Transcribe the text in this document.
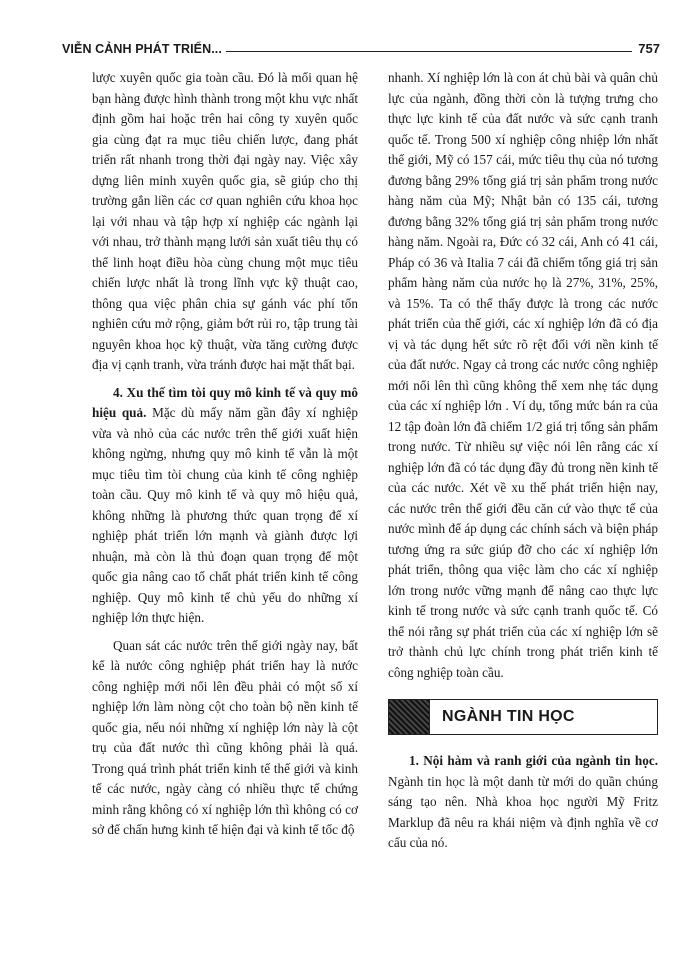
VIỄN CẢNH PHÁT TRIỂN...	757

lược xuyên quốc gia toàn cầu. Đó là mối quan hệ bạn hàng được hình thành trong một khu vực nhất định gồm hai hoặc trên hai công ty xuyên quốc gia cùng đạt ra mục tiêu chiến lược, đang phát triển rất nhanh trong thời đại ngày nay. Việc xây dựng liên minh xuyên quốc gia, sẽ giúp cho thị trường gắn liền các cơ quan nghiên cứu khoa học lại với nhau và tập hợp xí nghiệp các ngành lại với nhau, trở thành mạng lưới sản xuất tiêu thụ có thể linh hoạt điều hòa cùng chung một mục tiêu chiến lược nhất là trong lĩnh vực kỹ thuật cao, thông qua việc phân chia sự gánh vác phí tổn nghiên cứu mở rộng, giảm bớt rủi ro, tập trung tài nguyên khoa học kỹ thuật, vừa tăng cường được địa vị cạnh tranh, vừa tránh được hai mặt thất bại.

4. Xu thế tìm tòi quy mô kinh tế và quy mô hiệu quả. Mặc dù mấy năm gần đây xí nghiệp vừa và nhỏ của các nước trên thế giới xuất hiện không ngừng, nhưng quy mô kinh tế vẫn là một mục tiêu tìm tòi chung của kinh tế công nghiệp toàn cầu. Quy mô kinh tế và quy mô hiệu quả, không những là phương thức quan trọng để xí nghiệp phát triển lớn mạnh và giành được lợi nhuận, mà còn là thủ đoạn quan trọng để một quốc gia nâng cao tố chất phát triển kinh tế công nghiệp. Quy mô kinh tế chủ yếu do những xí nghiệp lớn thực hiện.

Quan sát các nước trên thế giới ngày nay, bất kể là nước công nghiệp phát triển hay là nước công nghiệp mới nổi lên đều phải có một số xí nghiệp lớn làm nòng cột cho toàn bộ nền kinh tế quốc gia, nếu nói những xí nghiệp lớn này là cột trụ của đất nước thì cũng không phải là quá. Trong quá trình phát triển kinh tế thế giới và kinh tế các nước, ngày càng có nhiều thực tế chứng minh rằng không có xí nghiệp lớn thì không có cơ sở để chấn hưng kinh tế hiện đại và kinh tế tốc độ

nhanh. Xí nghiệp lớn là con át chủ bài và quân chủ lực của ngành, đồng thời còn là tượng trưng cho thực lực kinh tế của đất nước và sức cạnh tranh quốc tế. Trong 500 xí nghiệp công nhiệp lớn nhất thế giới, Mỹ có 157 cái, mức tiêu thụ của nó tương đương bằng 29% tổng giá trị sản phẩm trong nước hàng năm của Mỹ; Nhật bản có 135 cái, tương đương bằng 32% tổng giá trị sản phẩm trong nước hàng năm. Ngoài ra, Đức có 32 cái, Anh có 41 cái, Pháp có 36 và Italia 7 cái đã chiếm tổng giá trị sản phẩm hàng năm của nước họ là 27%, 31%, 25%, và 15%. Ta có thể thấy được là trong các nước phát triển của thế giới, các xí nghiệp lớn đã có địa vị và tác dụng hết sức rõ rệt đối với nền kinh tế của đất nước. Ngay cả trong các nước công nghiệp mới nổi lên thì cũng không thể xem nhẹ tác dụng của các xí nghiệp lớn . Ví dụ, tổng mức bán ra của 12 tập đoàn lớn đã chiếm 1/2 giá trị tổng sản phẩm trong nước. Từ nhiều sự việc nói lên rằng các xí nghiệp lớn đã có tác dụng đầy đủ trong nền kinh tế của các nước. Xét về xu thế phát triển hiện nay, các nước trên thế giới đều căn cứ vào thực tế của nước mình để áp dụng các chính sách và biện pháp tương ứng ra sức giúp đỡ cho các xí nghiệp lớn phát triển, thông qua việc làm cho các xí nghiệp lớn trong nước vững mạnh để nâng cao thực lực kinh tế trong nước và sức cạnh tranh quốc tế. Có thể nói rằng sự phát triển của các xí nghiệp lớn sẽ trở thành chủ lực chính trong phát triển kinh tế công nghiệp toàn cầu.

NGÀNH TIN HỌC

1. Nội hàm và ranh giới của ngành tin học. Ngành tin học là một danh từ mới do quần chúng sáng tạo nên. Nhà khoa học người Mỹ Fritz Marklup đã nêu ra khái niệm và định nghĩa về cơ cấu của nó.
